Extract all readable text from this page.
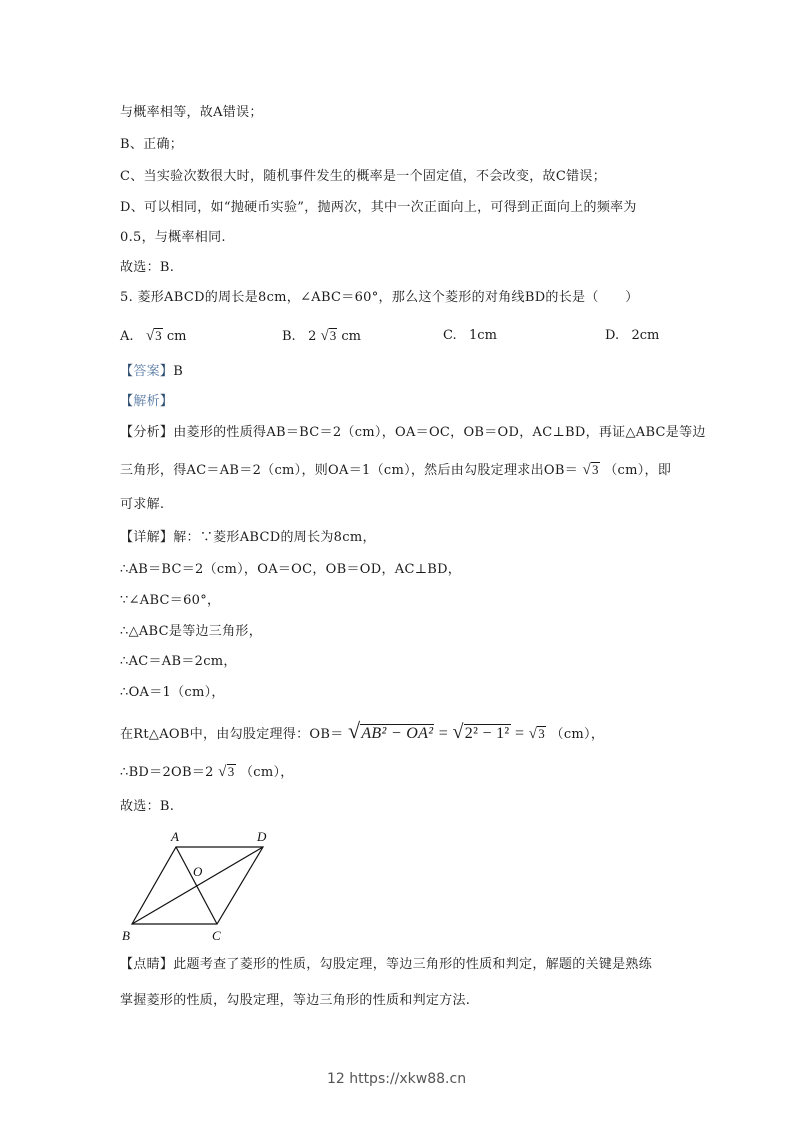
与概率相等，故A错误；
B、正确；
C、当实验次数很大时，随机事件发生的概率是一个固定值，不会改变，故C错误；
D、可以相同，如“抛硬币实验”，抛两次，其中一次正面向上，可得到正面向上的频率为
0.5，与概率相同.
故选：B.
5. 菱形ABCD的周长是8cm，∠ABC＝60°，那么这个菱形的对角线BD的长是（　　）
A. √3 cm	B. 2 √3 cm	C. 1cm	D. 2cm
【答案】B
【解析】
【分析】由菱形的性质得AB＝BC＝2（cm），OA＝OC，OB＝OD，AC⊥BD，再证△ABC是等边
三角形，得AC＝AB＝2（cm），则OA＝1（cm），然后由勾股定理求出OB＝ √3 （cm），即
可求解.
【详解】解：∵菱形ABCD的周长为8cm，
∴AB＝BC＝2（cm），OA＝OC，OB＝OD，AC⊥BD，
∵∠ABC＝60°，
∴△ABC是等边三角形，
∴AC＝AB＝2cm，
∴OA＝1（cm），
在Rt△AOB中，由勾股定理得：OB＝ √AB² − OA² = √2² − 1² = √3 （cm），
∴BD＝2OB＝2 √3 （cm），
故选：B.
A	D
O
B	C
【点睛】此题考查了菱形的性质，勾股定理，等边三角形的性质和判定，解题的关键是熟练
掌握菱形的性质，勾股定理，等边三角形的性质和判定方法.
12 https://xkw88.cn
